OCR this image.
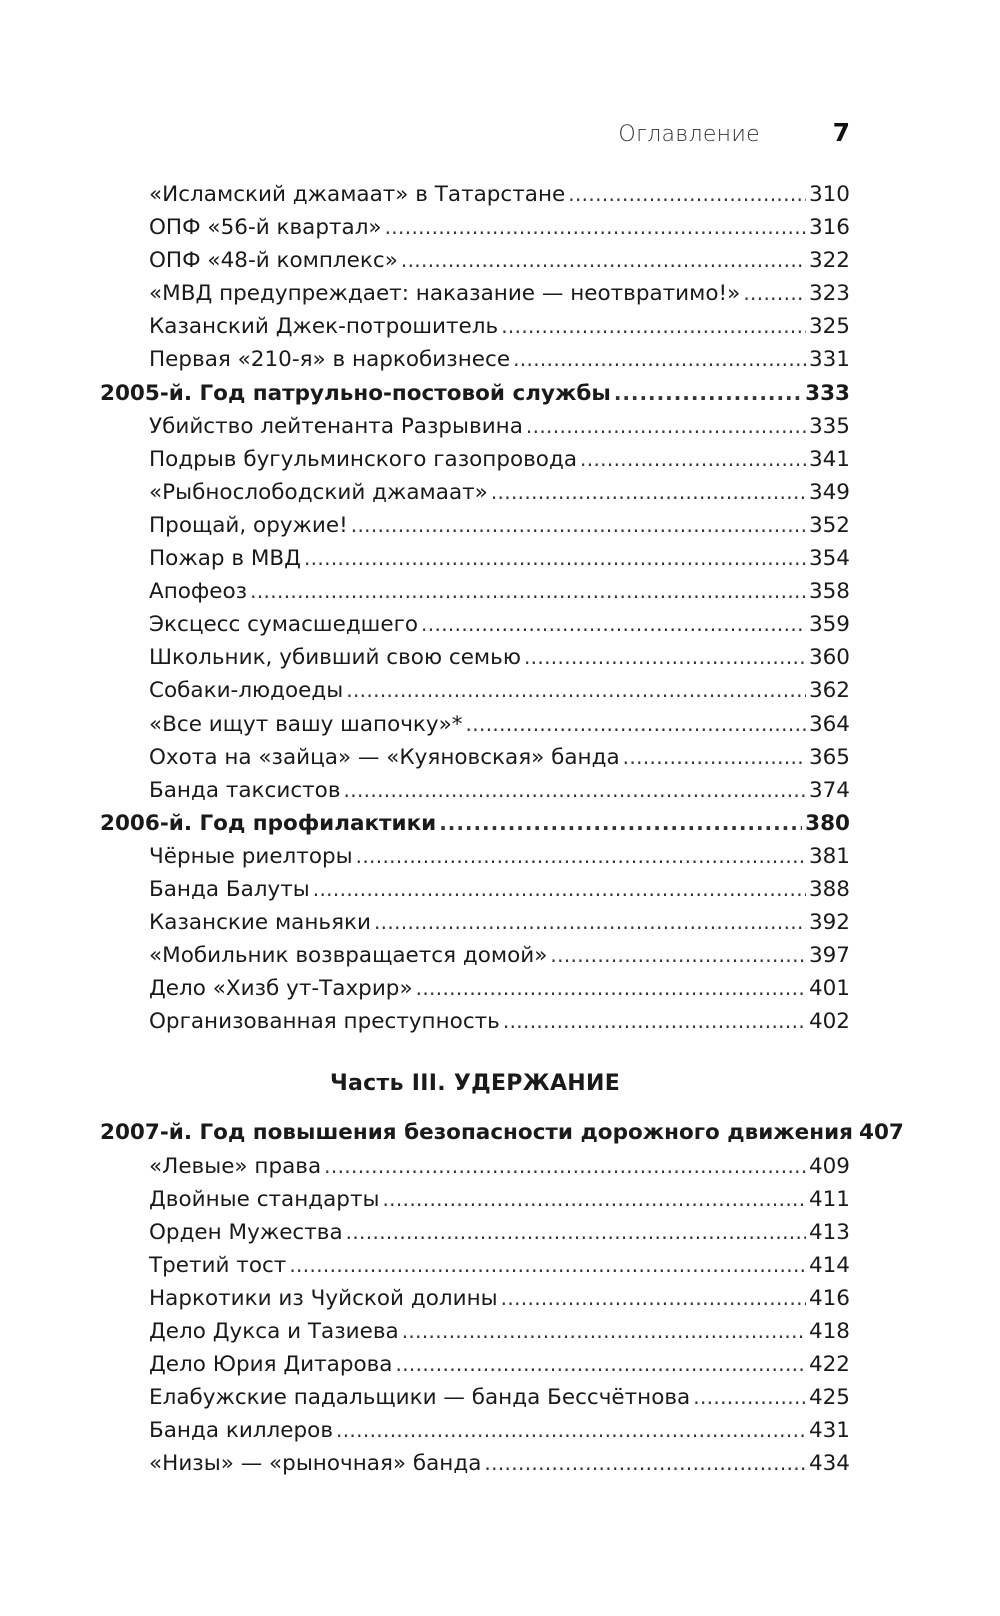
Оглавление	7
«Исламский джамаат» в Татарстане . . .	310
ОПФ «56-й квартал» . . .	316
ОПФ «48-й комплекс» . . .	322
«МВД предупреждает: наказание — неотвратимо!» . . .	323
Казанский Джек-потрошитель . . .	325
Первая «210-я» в наркобизнесе . . .	331
2005-й. Год патрульно-постовой службы . . .	333
Убийство лейтенанта Разрывина . . .	335
Подрыв бугульминского газопровода . . .	341
«Рыбнослободский джамаат» . . .	349
Прощай, оружие! . . .	352
Пожар в МВД . . .	354
Апофеоз . . .	358
Эксцесс сумасшедшего . . .	359
Школьник, убивший свою семью . . .	360
Собаки-людоеды . . .	362
«Все ищут вашу шапочку»* . . .	364
Охота на «зайца» — «Куяновская» банда . . .	365
Банда таксистов . . .	374
2006-й. Год профилактики . . .	380
Чёрные риелторы . . .	381
Банда Балуты . . .	388
Казанские маньяки . . .	392
«Мобильник возвращается домой» . . .	397
Дело «Хизб ут-Тахрир» . . .	401
Организованная преступность . . .	402
Часть III. УДЕРЖАНИЕ
2007-й. Год повышения безопасности дорожного движения 407
«Левые» права . . .	409
Двойные стандарты . . .	411
Орден Мужества . . .	413
Третий тост . . .	414
Наркотики из Чуйской долины . . .	416
Дело Дукса и Тазиева . . .	418
Дело Юрия Дитарова . . .	422
Елабужские падальщики — банда Бессчётнова . . .	425
Банда киллеров . . .	431
«Низы» — «рыночная» банда . . .	434
